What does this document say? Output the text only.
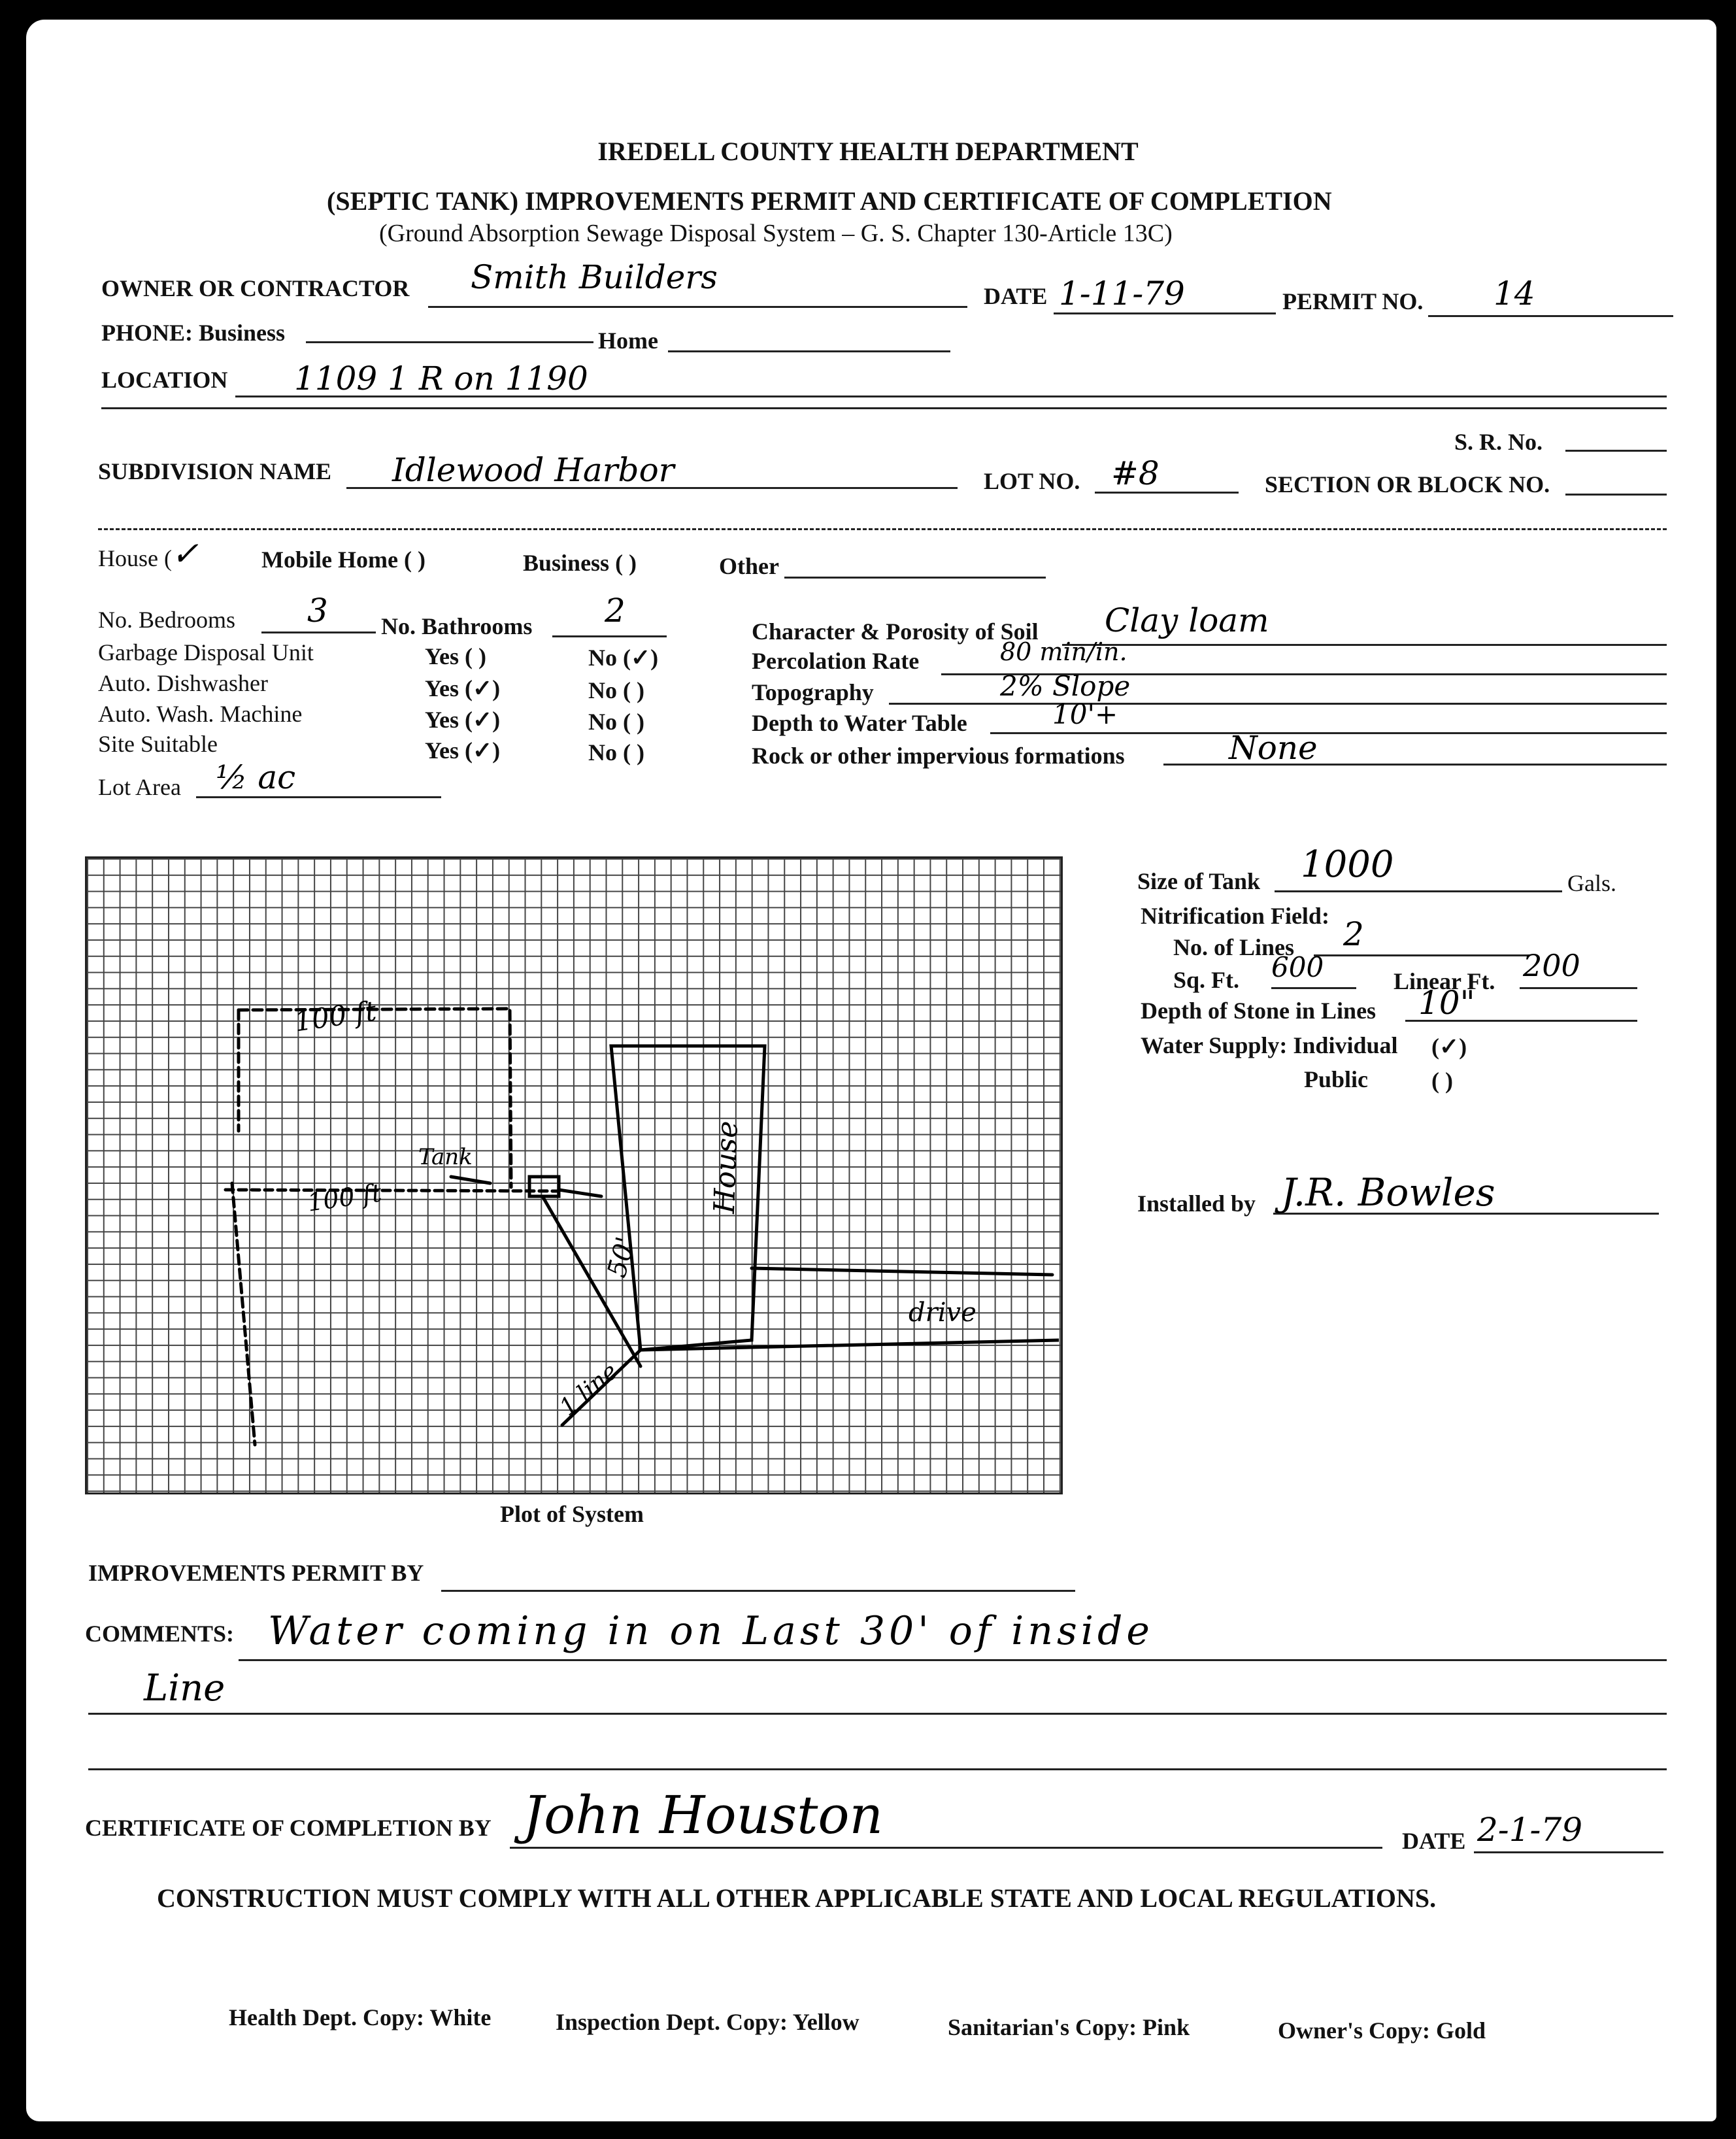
IREDELL COUNTY HEALTH DEPARTMENT
(SEPTIC TANK) IMPROVEMENTS PERMIT AND CERTIFICATE OF COMPLETION
(Ground Absorption Sewage Disposal System – G. S. Chapter 130-Article 13C)
OWNER OR CONTRACTOR Smith Builders	DATE 1-11-79	PERMIT NO. 14
PHONE: Business	Home
LOCATION 1109 1 R on 1190
S. R. No.
SUBDIVISION NAME Idlewood Harbor	LOT NO. #8	SECTION OR BLOCK NO.
House ( ✓	Mobile Home ( )	Business ( )	Other
No. Bedrooms 3 No. Bathrooms 2
Garbage Disposal Unit	Yes ( )	No (✓)
Auto. Dishwasher	Yes (✓)	No ( )
Auto. Wash. Machine	Yes (✓)	No ( )
Site Suitable	Yes (✓)	No ( )
Character & Porosity of Soil Clay loam
Percolation Rate	80 min/in.
Topography	2% Slope
Depth to Water Table	10'+
Rock or other impervious formations	None
Lot Area ½ ac
100 ft
100 ft
Tank	House
50'
drive
1 line
Plot of System
Size of Tank 1000	Gals.
Nitrification Field:
No. of Lines 2
Sq. Ft. 600	Linear Ft. 200
Depth of Stone in Lines 10"
Water Supply: Individual (✓)
Public	( )
Installed by J.R. Bowles
IMPROVEMENTS PERMIT BY
COMMENTS: Water coming in on Last 30' of inside
Line
CERTIFICATE OF COMPLETION BY John Houston	DATE 2-1-79
CONSTRUCTION MUST COMPLY WITH ALL OTHER APPLICABLE STATE AND LOCAL REGULATIONS.
Health Dept. Copy: White	Inspection Dept. Copy: Yellow	Sanitarian's Copy: Pink	Owner's Copy: Gold
